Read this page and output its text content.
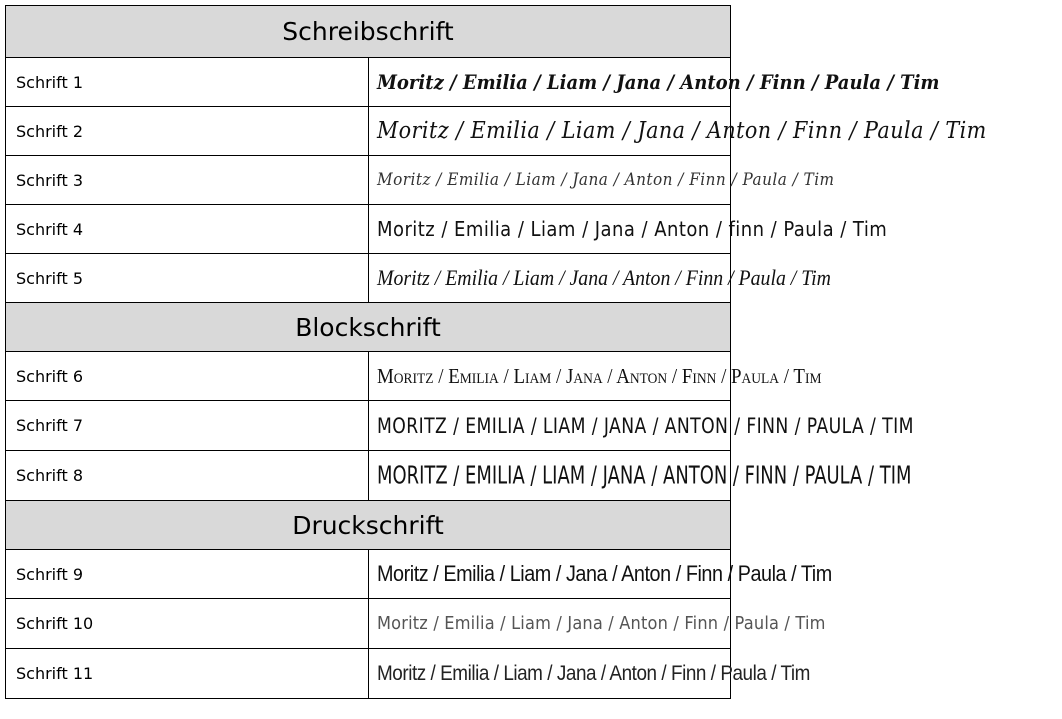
Schreibschrift	
Schrift 1	Moritz / Emilia / Liam / Jana / Anton / Finn / Paula / Tim
Schrift 2	Moritz / Emilia / Liam / Jana / Anton / Finn / Paula / Tim
Schrift 3	Moritz / Emilia / Liam / Jana / Anton / Finn / Paula / Tim
Schrift 4	Moritz / Emilia / Liam / Jana / Anton / finn / Paula / Tim
Schrift 5	Moritz / Emilia / Liam / Jana / Anton / Finn / Paula / Tim
Blockschrift	
Schrift 6	Moritz / Emilia / Liam / Jana / Anton / Finn / Paula / Tim
Schrift 7	MORITZ / EMILIA / LIAM / JANA / ANTON / FINN / PAULA / TIM
Schrift 8	MORITZ / EMILIA / LIAM / JANA / ANTON / FINN / PAULA / TIM
Druckschrift	
Schrift 9	Moritz / Emilia / Liam / Jana / Anton / Finn / Paula / Tim
Schrift 10	Moritz / Emilia / Liam / Jana / Anton / Finn / Paula / Tim
Schrift 11	Moritz / Emilia / Liam / Jana / Anton / Finn / Paula / Tim
